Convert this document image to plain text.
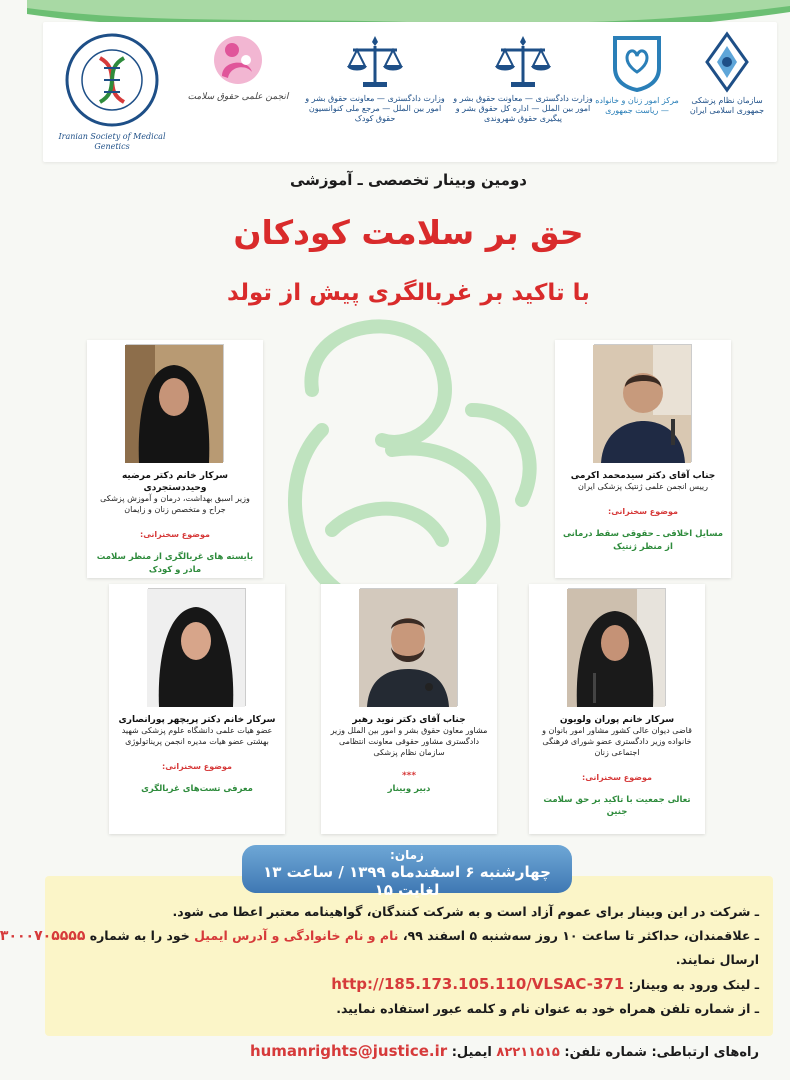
Iranian Society of Medical Genetics
انجمن علمی حقوق سلامت	وزارت دادگستری — معاونت حقوق بشر و امور بین الملل — مرجع ملی کنوانسیون حقوق کودک
وزارت دادگستری — معاونت حقوق بشر و امور بین الملل — اداره کل حقوق بشر و پیگیری حقوق شهروندی
مرکز امور زنان و خانواده — ریاست جمهوری
سازمان نظام پزشکی جمهوری اسلامی ایران
دومین وبینار تخصصی ـ آموزشی
حق بر سلامت کودکان
با تاکید بر غربالگری پیش از تولد
جناب آقای دکتر سیدمحمد اکرمی
رییس انجمن علمی ژنتیک پزشکی ایران
موضوع سخنرانی:
مسایل اخلاقی ـ حقوقی سقط درمانی از منظر ژنتیک
سرکار خانم دکتر مرضیه وحیددستجردی
وزیر اسبق بهداشت، درمان و آموزش پزشکی جراح و متخصص زنان و زایمان
موضوع سخنرانی:
بایسته های غربالگری از منظر سلامت مادر و کودک
سرکار خانم پوران ولویون
قاضی دیوان عالی کشور مشاور امور بانوان و خانواده وزیر دادگستری عضو شورای فرهنگی اجتماعی زنان
موضوع سخنرانی:
تعالی جمعیت با تاکید بر حق سلامت جنین
جناب آقای دکتر نوید رهبر
مشاور معاون حقوق بشر و امور بین الملل وزیر دادگستری مشاور حقوقی معاونت انتظامی سازمان نظام پزشکی
***
دبیر وبینار
سرکار خانم دکتر پریچهر پورانصاری
عضو هیات علمی دانشگاه علوم پزشکی شهید بهشتی عضو هیات مدیره انجمن پریناتولوژی
موضوع سخنرانی:
معرفی تست‌های غربالگری
ـ شرکت در این وبینار برای عموم آزاد است و به شرکت کنندگان، گواهینامه معتبر اعطا می شود.
ـ علاقمندان، حداکثر تا ساعت ۱۰ روز سه‌شنبه ۵ اسفند ۹۹، نام و نام خانوادگی و آدرس ایمیل خود را به شماره ۳۰۰۰۷۰۵۵۵۵
ارسال نمایند.
ـ لینک ورود به وبینار: http://185.173.105.110/VLSAC-371
ـ از شماره تلفن همراه خود به عنوان نام و کلمه عبور استفاده نمایید.
زمان:
چهارشنبه ۶ اسفندماه ۱۳۹۹ / ساعت ۱۳ لغایت ۱۵
راه‌های ارتباطی: شماره تلفن: ۸۲۲۱۱۵۱۵ ایمیل: humanrights@justice.ir
